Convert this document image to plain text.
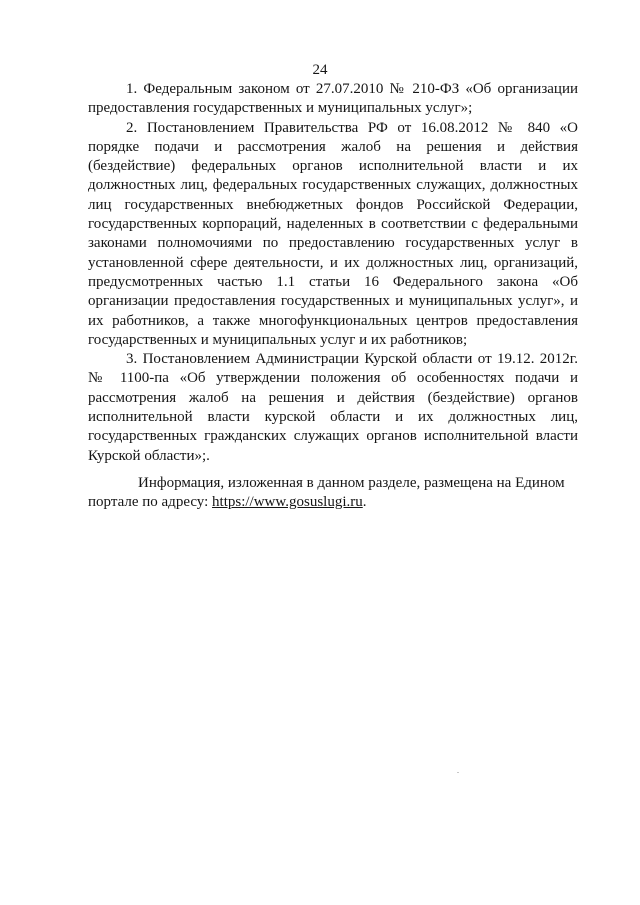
24
1. Федеральным законом от 27.07.2010 № 210-ФЗ «Об организации
предоставления государственных и муниципальных услуг»;
2. Постановлением Правительства РФ от 16.08.2012 № 840 «О
порядке подачи и рассмотрения жалоб на решения и действия
(бездействие) федеральных органов исполнительной власти и их
должностных лиц, федеральных государственных служащих, должностных
лиц государственных внебюджетных фондов Российской Федерации,
государственных корпораций, наделенных в соответствии с федеральными
законами полномочиями по предоставлению государственных услуг в
установленной сфере деятельности, и их должностных лиц, организаций,
предусмотренных частью 1.1 статьи 16 Федерального закона «Об
организации предоставления государственных и муниципальных услуг», и
их работников, а также многофункциональных центров предоставления
государственных и муниципальных услуг и их работников;
3. Постановлением Администрации Курской области от 19.12. 2012г.
№ 1100-па «Об утверждении положения об особенностях подачи и
рассмотрения жалоб на решения и действия (бездействие) органов
исполнительной власти курской области и их должностных лиц,
государственных гражданских служащих органов исполнительной власти
Курской области»;.
Информация, изложенная в данном разделе, размещена на Едином
портале по адресу: https://www.gosuslugi.ru.
